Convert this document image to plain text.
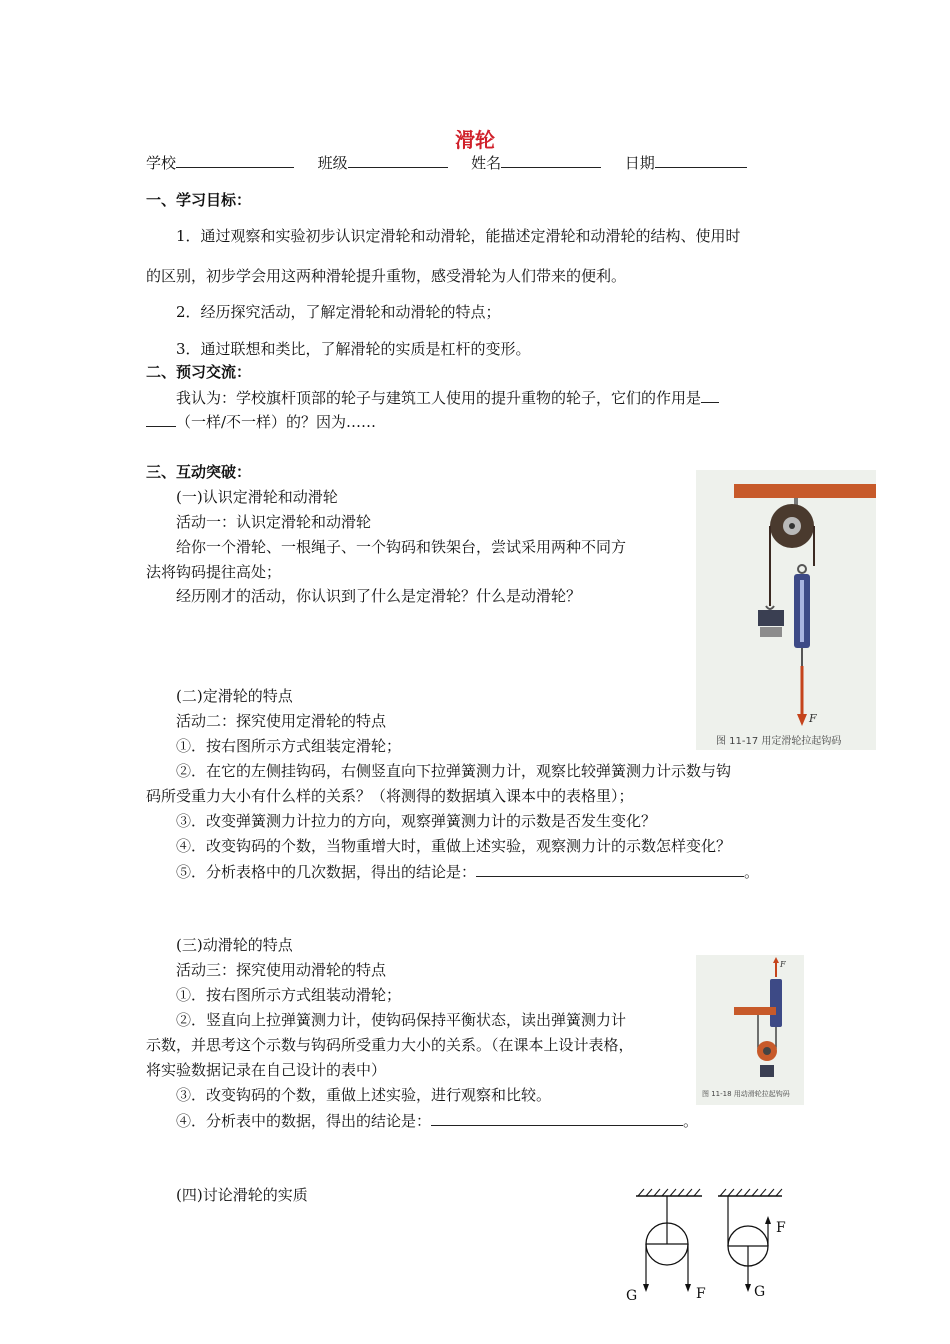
滑轮
学校	班级	姓名	日期
一、学习目标：
1．通过观察和实验初步认识定滑轮和动滑轮，能描述定滑轮和动滑轮的结构、使用时
的区别，初步学会用这两种滑轮提升重物，感受滑轮为人们带来的便利。
2．经历探究活动，了解定滑轮和动滑轮的特点；
3．通过联想和类比，了解滑轮的实质是杠杆的变形。
二、预习交流：
我认为：学校旗杆顶部的轮子与建筑工人使用的提升重物的轮子，它们的作用是
（一样/不一样）的？因为……
三、互动突破：
(一)认识定滑轮和动滑轮
活动一：认识定滑轮和动滑轮
给你一个滑轮、一根绳子、一个钩码和铁架台，尝试采用两种不同方
法将钩码提往高处；
经历刚才的活动，你认识到了什么是定滑轮？什么是动滑轮？
F
图 11-17 用定滑轮拉起钩码
(二)定滑轮的特点
活动二：探究使用定滑轮的特点
①．按右图所示方式组装定滑轮；
②．在它的左侧挂钩码，右侧竖直向下拉弹簧测力计，观察比较弹簧测力计示数与钩
码所受重力大小有什么样的关系？（将测得的数据填入课本中的表格里）；
③．改变弹簧测力计拉力的方向，观察弹簧测力计的示数是否发生变化？
④．改变钩码的个数，当物重增大时，重做上述实验，观察测力计的示数怎样变化？
⑤．分析表格中的几次数据，得出的结论是：	。
(三)动滑轮的特点
活动三：探究使用动滑轮的特点
①．按右图所示方式组装动滑轮；
②．竖直向上拉弹簧测力计，使钩码保持平衡状态，读出弹簧测力计
示数，并思考这个示数与钩码所受重力大小的关系。（在课本上设计表格，
将实验数据记录在自己设计的表中）
③．改变钩码的个数，重做上述实验，进行观察和比较。
④．分析表中的数据，得出的结论是：	。
F
图 11-18 用动滑轮拉起钩码
(四)讨论滑轮的实质
G	F
F
G
